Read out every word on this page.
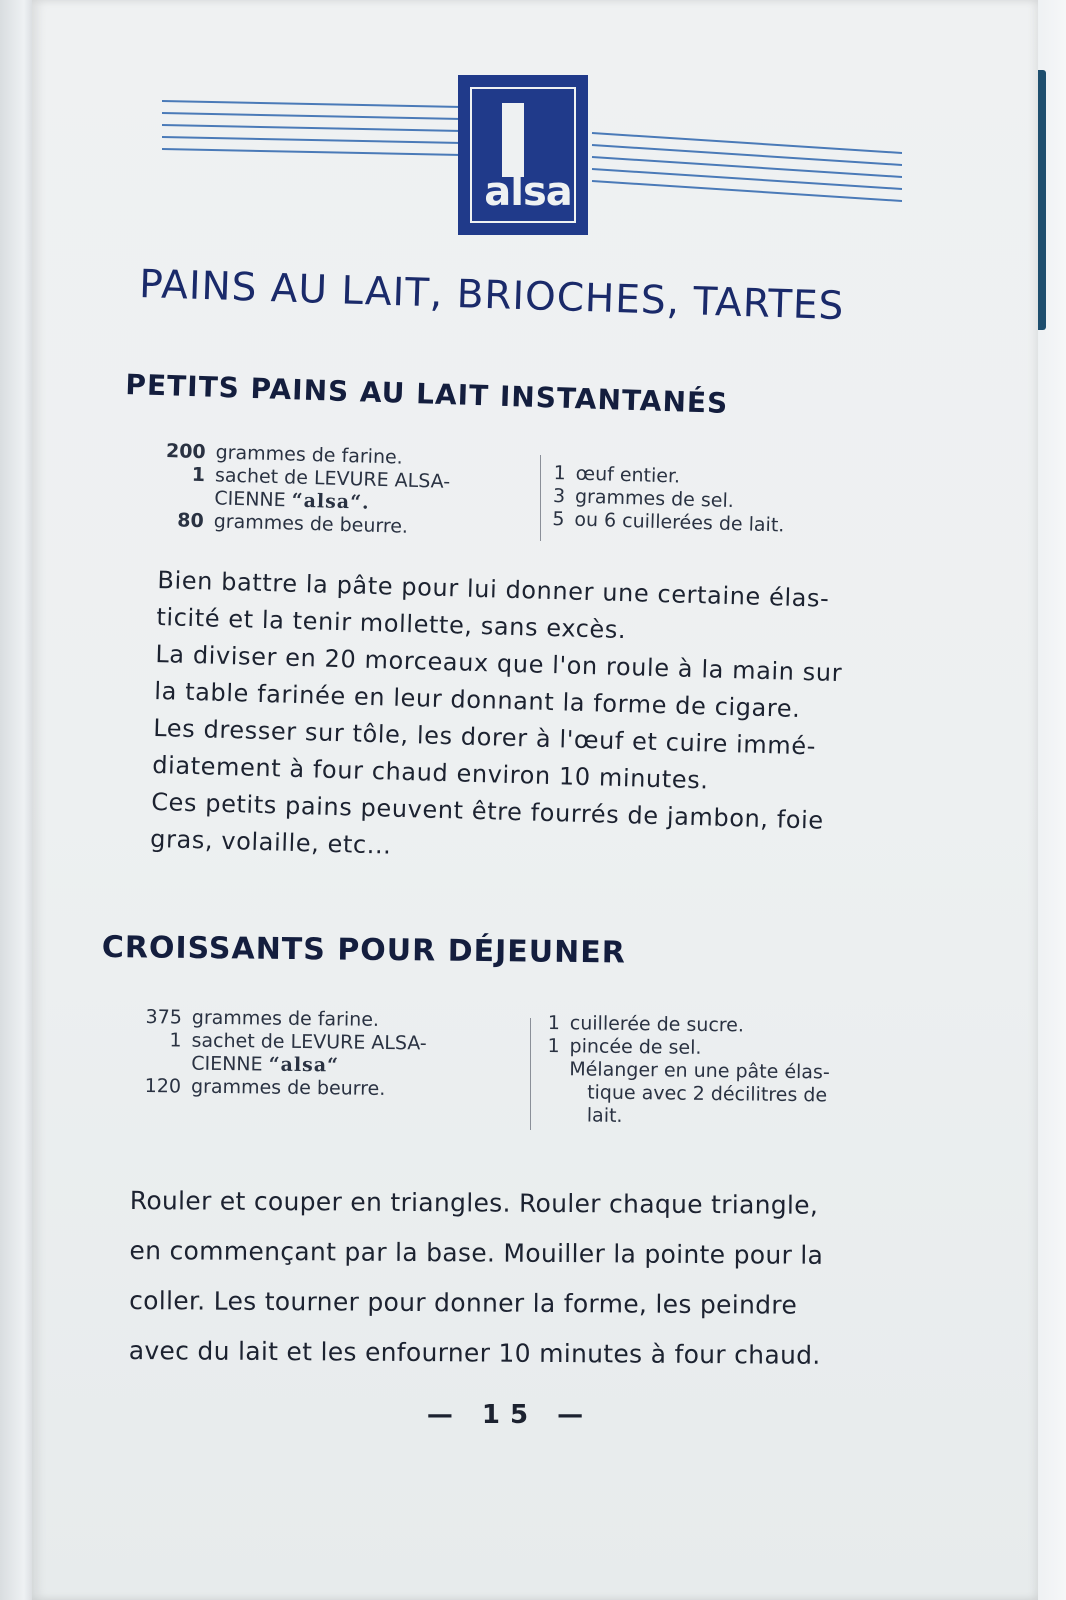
alsa
PAINS AU LAIT, BRIOCHES, TARTES
PETITS PAINS AU LAIT INSTANTANÉS
200 grammes de farine.
1 sachet de LEVURE ALSA-
CIENNE “alsa“.
80 grammes de beurre.
1 œuf entier.
3 grammes de sel.
5 ou 6 cuillerées de lait.
Bien battre la pâte pour lui donner une certaine élas-
ticité et la tenir mollette, sans excès.
La diviser en 20 morceaux que l'on roule à la main sur
la table farinée en leur donnant la forme de cigare.
Les dresser sur tôle, les dorer à l'œuf et cuire immé-
diatement à four chaud environ 10 minutes.
Ces petits pains peuvent être fourrés de jambon, foie
gras, volaille, etc...
CROISSANTS POUR DÉJEUNER
375 grammes de farine.
1 sachet de LEVURE ALSA-
CIENNE “alsa“
120 grammes de beurre.
1 cuillerée de sucre.
1 pincée de sel.
Mélanger en une pâte élas-
tique avec 2 décilitres de
lait.
Rouler et couper en triangles. Rouler chaque triangle,
en commençant par la base. Mouiller la pointe pour la
coller. Les tourner pour donner la forme, les peindre
avec du lait et les enfourner 10 minutes à four chaud.
— 15 —
